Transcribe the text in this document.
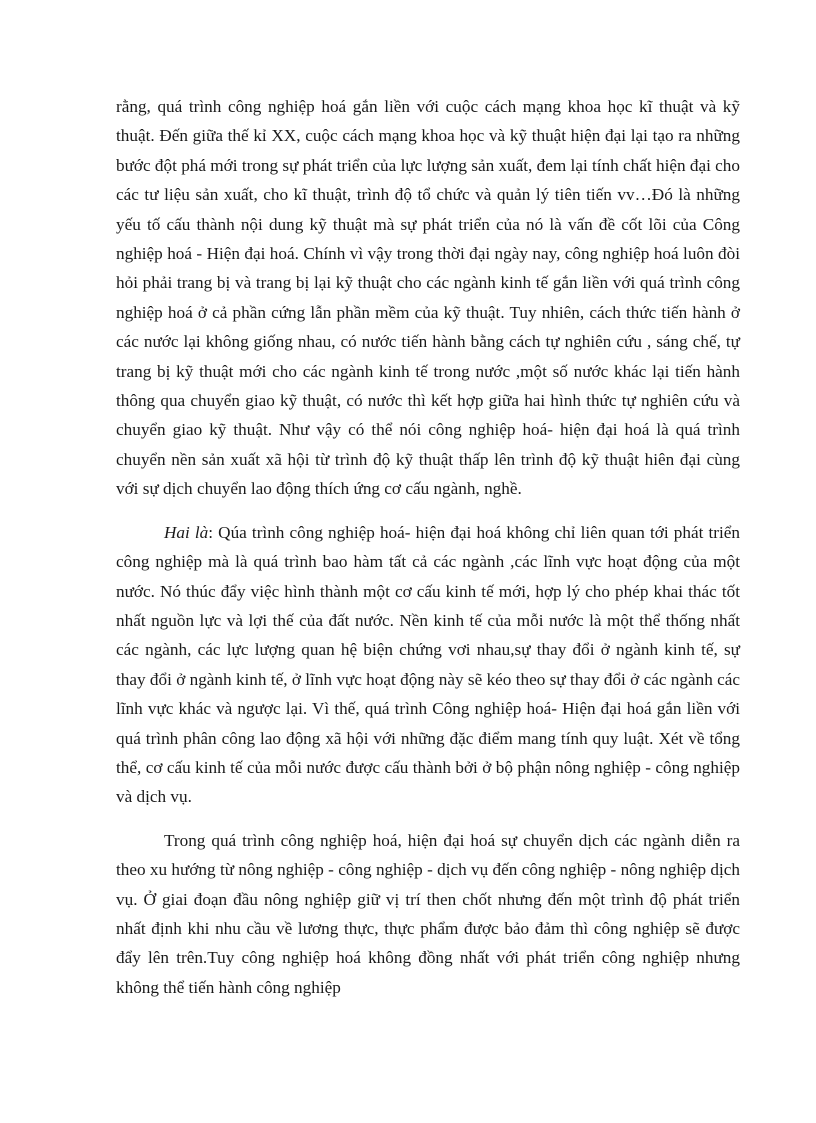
rằng, quá trình công nghiệp hoá gắn liền với cuộc cách mạng khoa học kĩ thuật và kỹ thuật. Đến giữa thế kỉ XX, cuộc cách mạng khoa học và kỹ thuật hiện đại lại tạo ra những bước đột phá mới trong sự phát triển của lực lượng sản xuất, đem lại tính chất hiện đại cho các tư liệu sản xuất, cho kĩ thuật, trình độ tổ chức và quản lý tiên tiến vv…Đó là những yếu tố cấu thành nội dung kỹ thuật mà sự phát triển của nó là vấn đề cốt lõi của Công nghiệp hoá - Hiện đại hoá. Chính vì vậy trong thời đại ngày nay, công nghiệp hoá luôn đòi hỏi phải trang bị và trang bị lại kỹ thuật cho các ngành kinh tế gắn liền với quá trình công nghiệp hoá ở cả phần cứng lẫn phần mềm của kỹ thuật. Tuy nhiên, cách thức tiến hành ở các nước lại không giống nhau, có nước tiến hành bằng cách tự nghiên cứu , sáng chế, tự trang bị kỹ thuật mới cho các ngành kinh tế trong nước ,một số nước khác lại tiến hành thông qua chuyển giao kỹ thuật, có nước thì kết hợp giữa hai hình thức tự nghiên cứu và chuyển giao kỹ thuật. Như vậy có thể nói công nghiệp hoá- hiện đại hoá là quá trình chuyển nền sản xuất xã hội từ trình độ kỹ thuật thấp lên trình độ kỹ thuật hiên đại cùng với sự dịch chuyển lao động thích ứng cơ cấu ngành, nghề.

Hai là: Qúa trình công nghiệp hoá- hiện đại hoá không chỉ liên quan tới phát triển công nghiệp mà là quá trình bao hàm tất cả các ngành ,các lĩnh vực hoạt động của một nước. Nó thúc đẩy việc hình thành một cơ cấu kinh tế mới, hợp lý cho phép khai thác tốt nhất nguồn lực và lợi thế của đất nước. Nền kinh tế của mỗi nước là một thể thống nhất các ngành, các lực lượng quan hệ biện chứng vơi nhau,sự thay đổi ở ngành kinh tế, sự thay đổi ở ngành kinh tế, ở lĩnh vực hoạt động này sẽ kéo theo sự thay đổi ở các ngành các lĩnh vực khác và ngược lại. Vì thế, quá trình Công nghiệp hoá- Hiện đại hoá gắn liền với quá trình phân công lao động xã hội với những đặc điểm mang tính quy luật. Xét về tổng thể, cơ cấu kinh tế của mỗi nước được cấu thành bởi ở bộ phận nông nghiệp - công nghiệp và dịch vụ.

Trong quá trình công nghiệp hoá, hiện đại hoá sự chuyển dịch các ngành diễn ra theo xu hướng từ nông nghiệp - công nghiệp - dịch vụ đến công nghiệp - nông nghiệp dịch vụ. Ở giai đoạn đầu nông nghiệp giữ vị trí then chốt nhưng đến một trình độ phát triển nhất định khi nhu cầu về lương thực, thực phẩm được bảo đảm thì công nghiệp sẽ được đẩy lên trên.Tuy công nghiệp hoá không đồng nhất với phát triển công nghiệp nhưng không thể tiến hành công nghiệp
